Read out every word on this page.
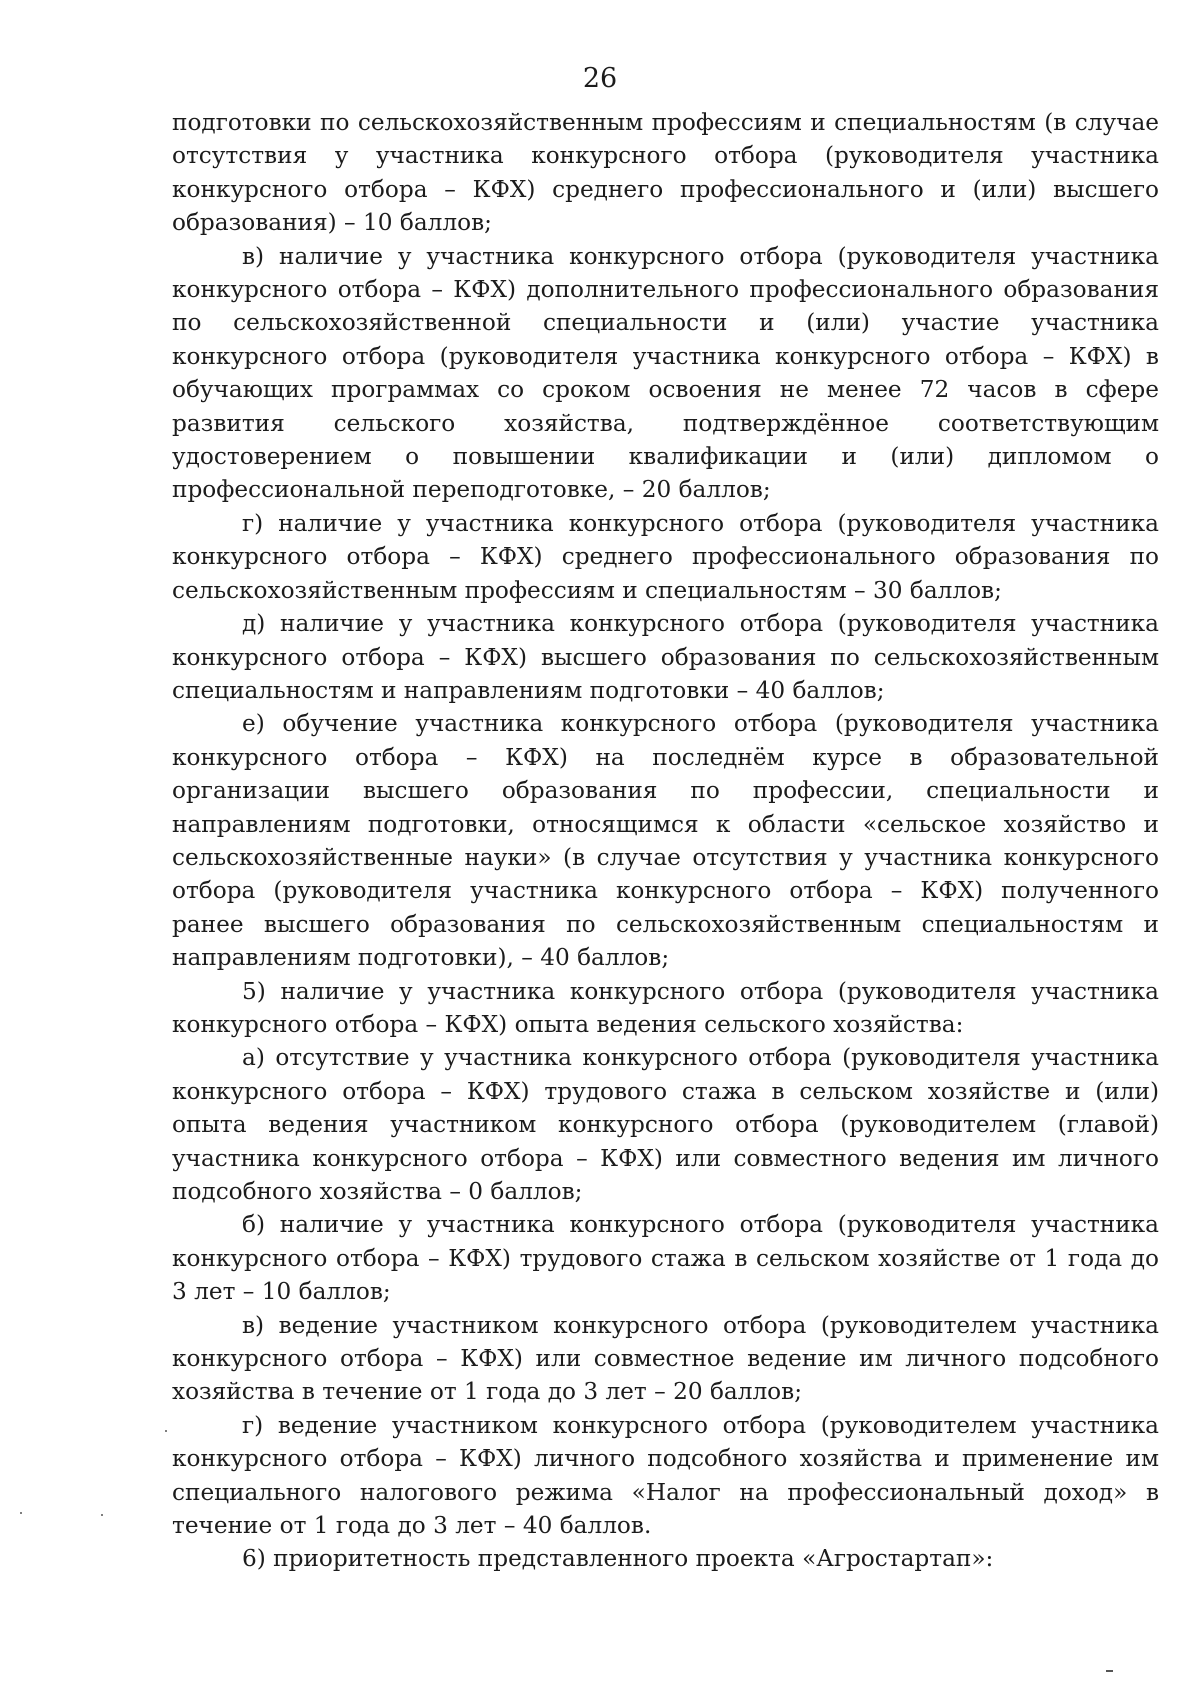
26

подготовки по сельскохозяйственным профессиям и специальностям (в случае отсутствия у участника конкурсного отбора (руководителя участника конкурсного отбора – КФХ) среднего профессионального и (или) высшего образования) – 10 баллов;

в) наличие у участника конкурсного отбора (руководителя участника конкурсного отбора – КФХ) дополнительного профессионального образования по сельскохозяйственной специальности и (или) участие участника конкурсного отбора (руководителя участника конкурсного отбора – КФХ) в обучающих программах со сроком освоения не менее 72 часов в сфере развития сельского хозяйства, подтверждённое соответствующим удостоверением о повышении квалификации и (или) дипломом о профессиональной переподготовке, – 20 баллов;

г) наличие у участника конкурсного отбора (руководителя участника конкурсного отбора – КФХ) среднего профессионального образования по сельскохозяйственным профессиям и специальностям – 30 баллов;

д) наличие у участника конкурсного отбора (руководителя участника конкурсного отбора – КФХ) высшего образования по сельскохозяйственным специальностям и направлениям подготовки – 40 баллов;

е) обучение участника конкурсного отбора (руководителя участника конкурсного отбора – КФХ) на последнём курсе в образовательной организации высшего образования по профессии, специальности и направлениям подготовки, относящимся к области «сельское хозяйство и сельскохозяйственные науки» (в случае отсутствия у участника конкурсного отбора (руководителя участника конкурсного отбора – КФХ) полученного ранее высшего образования по сельскохозяйственным специальностям и направлениям подготовки), – 40 баллов;

5) наличие у участника конкурсного отбора (руководителя участника конкурсного отбора – КФХ) опыта ведения сельского хозяйства:

а) отсутствие у участника конкурсного отбора (руководителя участника конкурсного отбора – КФХ) трудового стажа в сельском хозяйстве и (или) опыта ведения участником конкурсного отбора (руководителем (главой) участника конкурсного отбора – КФХ) или совместного ведения им личного подсобного хозяйства – 0 баллов;

б) наличие у участника конкурсного отбора (руководителя участника конкурсного отбора – КФХ) трудового стажа в сельском хозяйстве от 1 года до 3 лет – 10 баллов;

в) ведение участником конкурсного отбора (руководителем участника конкурсного отбора – КФХ) или совместное ведение им личного подсобного хозяйства в течение от 1 года до 3 лет – 20 баллов;

г) ведение участником конкурсного отбора (руководителем участника конкурсного отбора – КФХ) личного подсобного хозяйства и применение им специального налогового режима «Налог на профессиональный доход» в течение от 1 года до 3 лет – 40 баллов.

6) приоритетность представленного проекта «Агростартап»:
